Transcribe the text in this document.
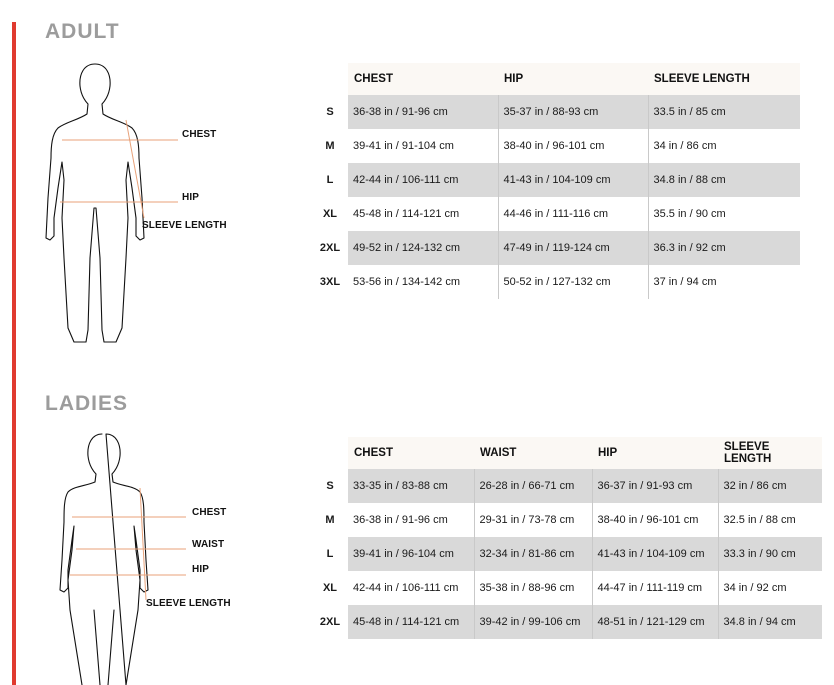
ADULT
CHEST
HIP
SLEEVE LENGTH
	CHEST	HIP	SLEEVE LENGTH
S	36-38 in / 91-96 cm	35-37 in / 88-93 cm	33.5 in / 85 cm
M	39-41 in / 91-104 cm	38-40 in / 96-101 cm	34 in / 86 cm
L	42-44 in / 106-111 cm	41-43 in / 104-109 cm	34.8 in / 88 cm
XL	45-48 in / 114-121 cm	44-46 in / 111-116 cm	35.5 in / 90 cm
2XL	49-52 in / 124-132 cm	47-49 in / 119-124 cm	36.3 in / 92 cm
3XL	53-56 in / 134-142 cm	50-52 in / 127-132 cm	37 in / 94 cm
LADIES
CHEST
WAIST
HIP
SLEEVE LENGTH
	CHEST	WAIST	HIP	SLEEVE LENGTH
S	33-35 in / 83-88 cm	26-28 in / 66-71 cm	36-37 in / 91-93 cm	32 in / 86 cm
M	36-38 in / 91-96 cm	29-31 in / 73-78 cm	38-40 in / 96-101 cm	32.5 in / 88 cm
L	39-41 in / 96-104 cm	32-34 in / 81-86 cm	41-43 in / 104-109 cm	33.3 in / 90 cm
XL	42-44 in / 106-111 cm	35-38 in / 88-96 cm	44-47 in / 111-119 cm	34 in / 92 cm
2XL	45-48 in / 114-121 cm	39-42 in / 99-106 cm	48-51 in / 121-129 cm	34.8 in / 94 cm
